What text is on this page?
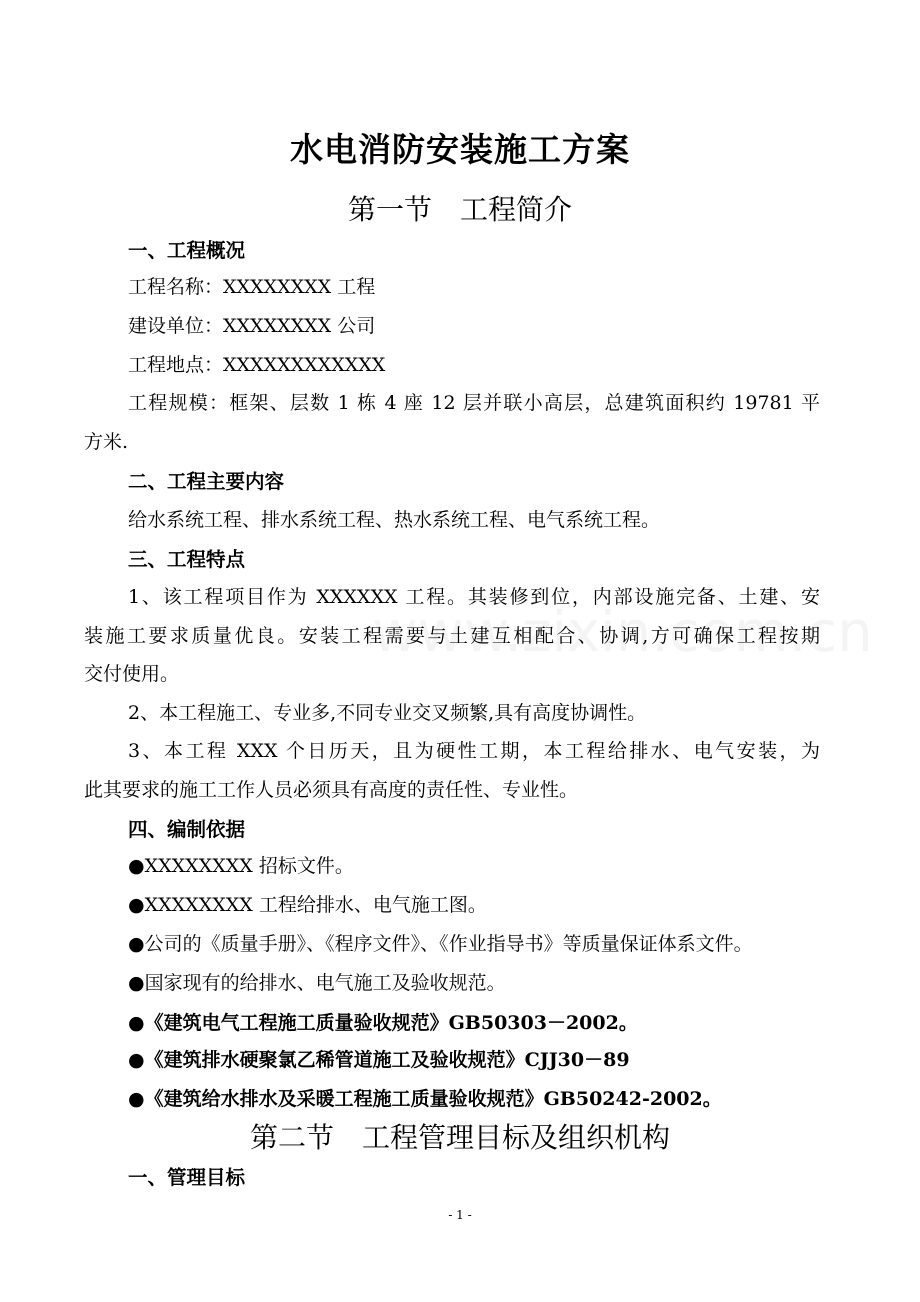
水电消防安装施工方案
第一节　工程简介
一、工程概况
工程名称：XXXXXXXX 工程
建设单位：XXXXXXXX 公司
工程地点：XXXXXXXXXXXX
工程规模：框架、层数 1 栋 4 座 12 层并联小高层，总建筑面积约 19781 平
方米.
二、工程主要内容
给水系统工程、排水系统工程、热水系统工程、电气系统工程。
三、工程特点
1、该工程项目作为 XXXXXX 工程。其装修到位，内部设施完备、土建、安
装施工要求质量优良。安装工程需要与土建互相配合、协调,方可确保工程按期
交付使用。
2、本工程施工、专业多,不同专业交叉频繁,具有高度协调性。
3、本工程 XXX 个日历天，且为硬性工期，本工程给排水、电气安装，为
此其要求的施工工作人员必须具有高度的责任性、专业性。
四、编制依据
●XXXXXXXX 招标文件。
●XXXXXXXX 工程给排水、电气施工图。
●公司的《质量手册》、《程序文件》、《作业指导书》等质量保证体系文件。
●国家现有的给排水、电气施工及验收规范。
●《建筑电气工程施工质量验收规范》GB50303－2002。
●《建筑排水硬聚氯乙稀管道施工及验收规范》CJJ30－89
●《建筑给水排水及采暖工程施工质量验收规范》GB50242-2002。
第二节　工程管理目标及组织机构
一、管理目标
- 1 -
